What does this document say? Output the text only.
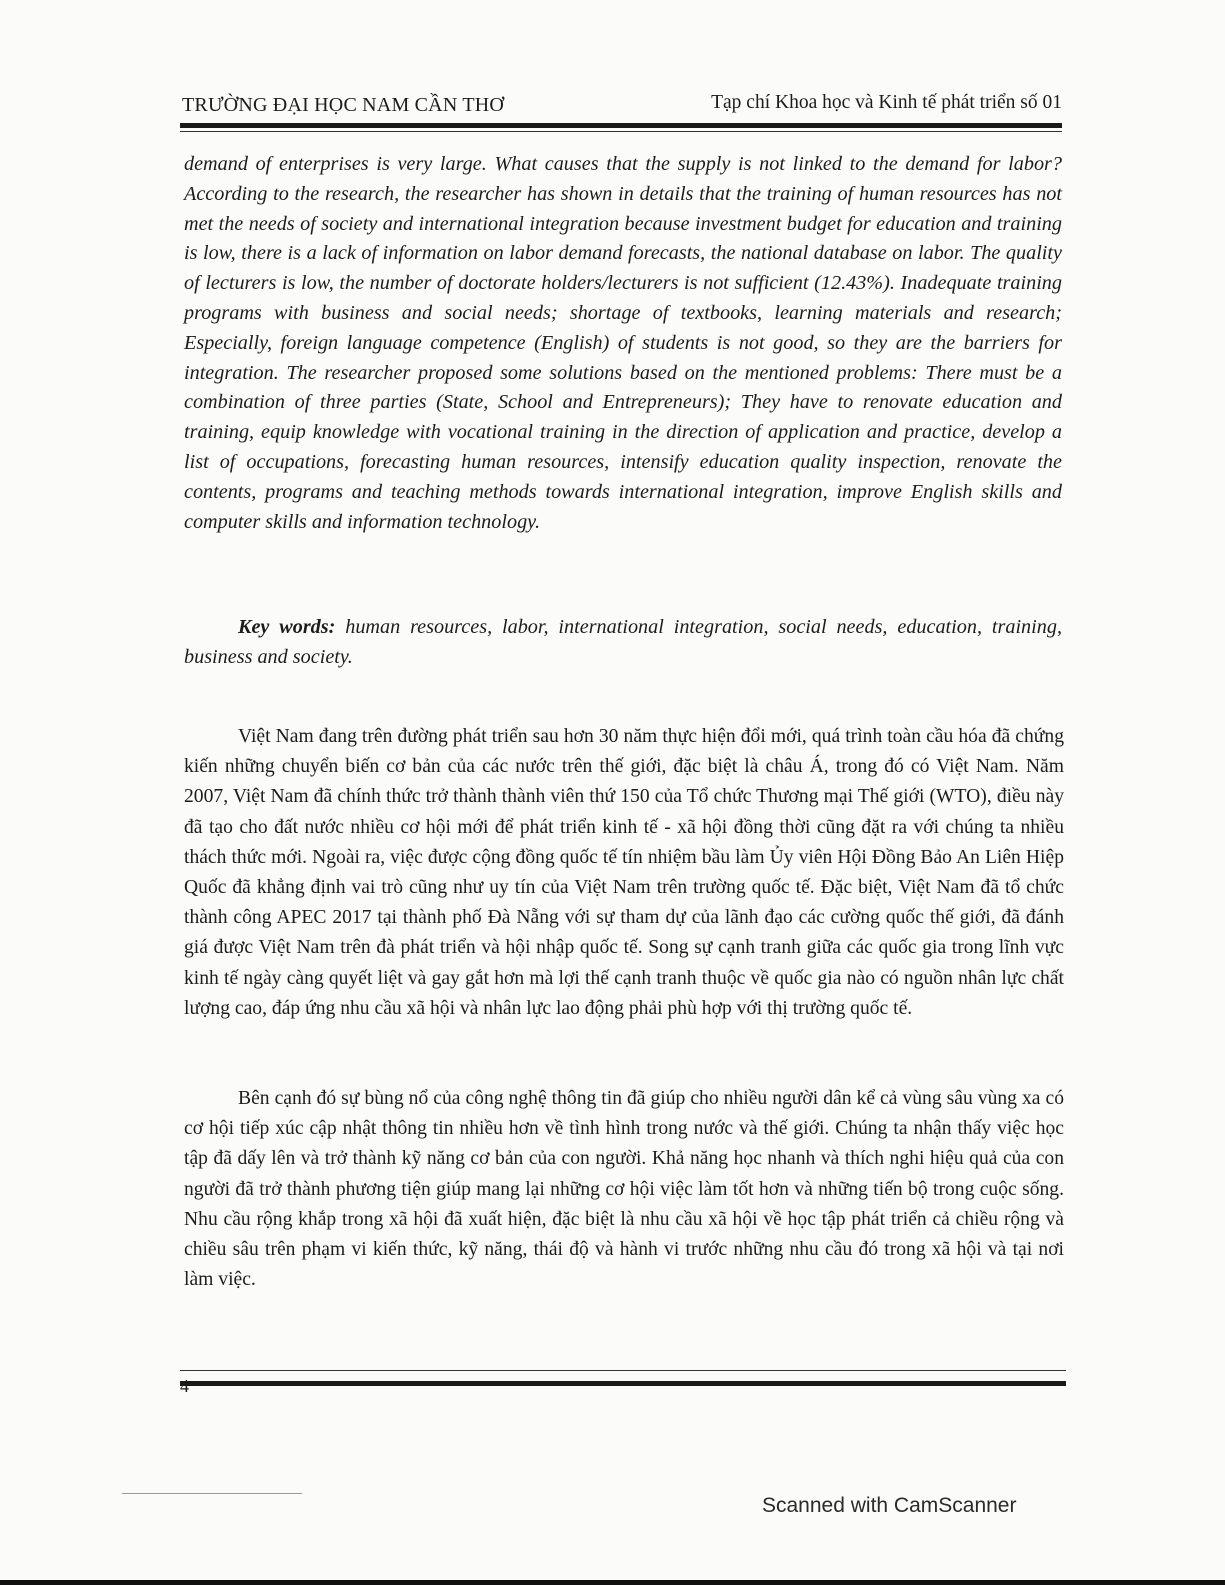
TRƯỜNG ĐẠI HỌC NAM CẦN THƠ	Tạp chí Khoa học và Kinh tế phát triển số 01

demand of enterprises is very large. What causes that the supply is not linked to the demand for labor? According to the research, the researcher has shown in details that the training of human resources has not met the needs of society and international integration because investment budget for education and training is low, there is a lack of information on labor demand forecasts, the national database on labor. The quality of lecturers is low, the number of doctorate holders/lecturers is not sufficient (12.43%). Inadequate training programs with business and social needs; shortage of textbooks, learning materials and research; Especially, foreign language competence (English) of students is not good, so they are the barriers for integration. The researcher proposed some solutions based on the mentioned problems: There must be a combination of three parties (State, School and Entrepreneurs); They have to renovate education and training, equip knowledge with vocational training in the direction of application and practice, develop a list of occupations, forecasting human resources, intensify education quality inspection, renovate the contents, programs and teaching methods towards international integration, improve English skills and computer skills and information technology.

Key words: human resources, labor, international integration, social needs, education, training, business and society.

Việt Nam đang trên đường phát triển sau hơn 30 năm thực hiện đổi mới, quá trình toàn cầu hóa đã chứng kiến những chuyển biến cơ bản của các nước trên thế giới, đặc biệt là châu Á, trong đó có Việt Nam. Năm 2007, Việt Nam đã chính thức trở thành thành viên thứ 150 của Tổ chức Thương mại Thế giới (WTO), điều này đã tạo cho đất nước nhiều cơ hội mới để phát triển kinh tế - xã hội đồng thời cũng đặt ra với chúng ta nhiều thách thức mới. Ngoài ra, việc được cộng đồng quốc tế tín nhiệm bầu làm Ủy viên Hội Đồng Bảo An Liên Hiệp Quốc đã khẳng định vai trò cũng như uy tín của Việt Nam trên trường quốc tế. Đặc biệt, Việt Nam đã tổ chức thành công APEC 2017 tại thành phố Đà Nẵng với sự tham dự của lãnh đạo các cường quốc thế giới, đã đánh giá được Việt Nam trên đà phát triển và hội nhập quốc tế. Song sự cạnh tranh giữa các quốc gia trong lĩnh vực kinh tế ngày càng quyết liệt và gay gắt hơn mà lợi thế cạnh tranh thuộc về quốc gia nào có nguồn nhân lực chất lượng cao, đáp ứng nhu cầu xã hội và nhân lực lao động phải phù hợp với thị trường quốc tế.

Bên cạnh đó sự bùng nổ của công nghệ thông tin đã giúp cho nhiều người dân kể cả vùng sâu vùng xa có cơ hội tiếp xúc cập nhật thông tin nhiều hơn về tình hình trong nước và thế giới. Chúng ta nhận thấy việc học tập đã dấy lên và trở thành kỹ năng cơ bản của con người. Khả năng học nhanh và thích nghi hiệu quả của con người đã trở thành phương tiện giúp mang lại những cơ hội việc làm tốt hơn và những tiến bộ trong cuộc sống. Nhu cầu rộng khắp trong xã hội đã xuất hiện, đặc biệt là nhu cầu xã hội về học tập phát triển cả chiều rộng và chiều sâu trên phạm vi kiến thức, kỹ năng, thái độ và hành vi trước những nhu cầu đó trong xã hội và tại nơi làm việc.

4
Scanned with CamScanner
